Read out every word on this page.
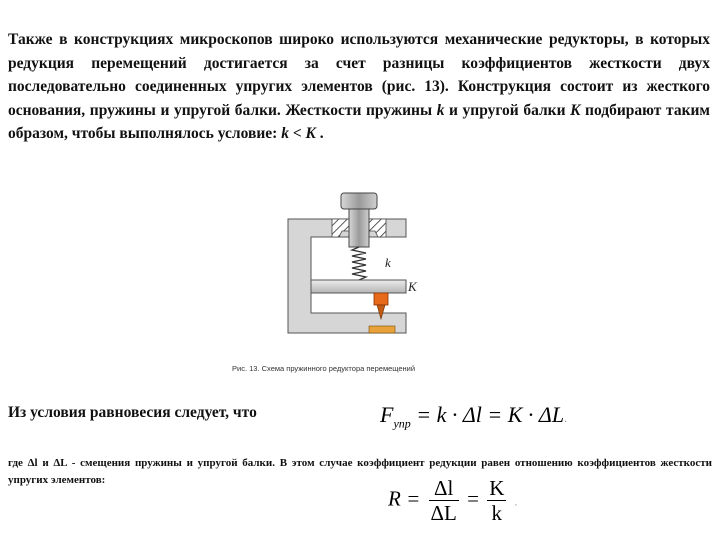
Также в конструкциях микроскопов широко используются механические редукторы, в которых редукция перемещений достигается за счет разницы коэффициентов жесткости двух последовательно соединенных упругих элементов (рис. 13). Конструкция состоит из жесткого основания, пружины и упругой балки. Жесткости пружины k и упругой балки K подбирают таким образом, чтобы выполнялось условие: k < K .

k
K
Рис. 13. Схема пружинного редуктора перемещений
Из условия равновесия следует, что	$F_{упр} = k \cdot \Delta l = K \cdot \Delta L$.

где Δl и ΔL - смещения пружины и упругой балки. В этом случае коэффициент редукции равен отношению коэффициентов жесткости упругих элементов:

$R = \frac{\Delta l}{\Delta L} = \frac{K}{k}$ .
